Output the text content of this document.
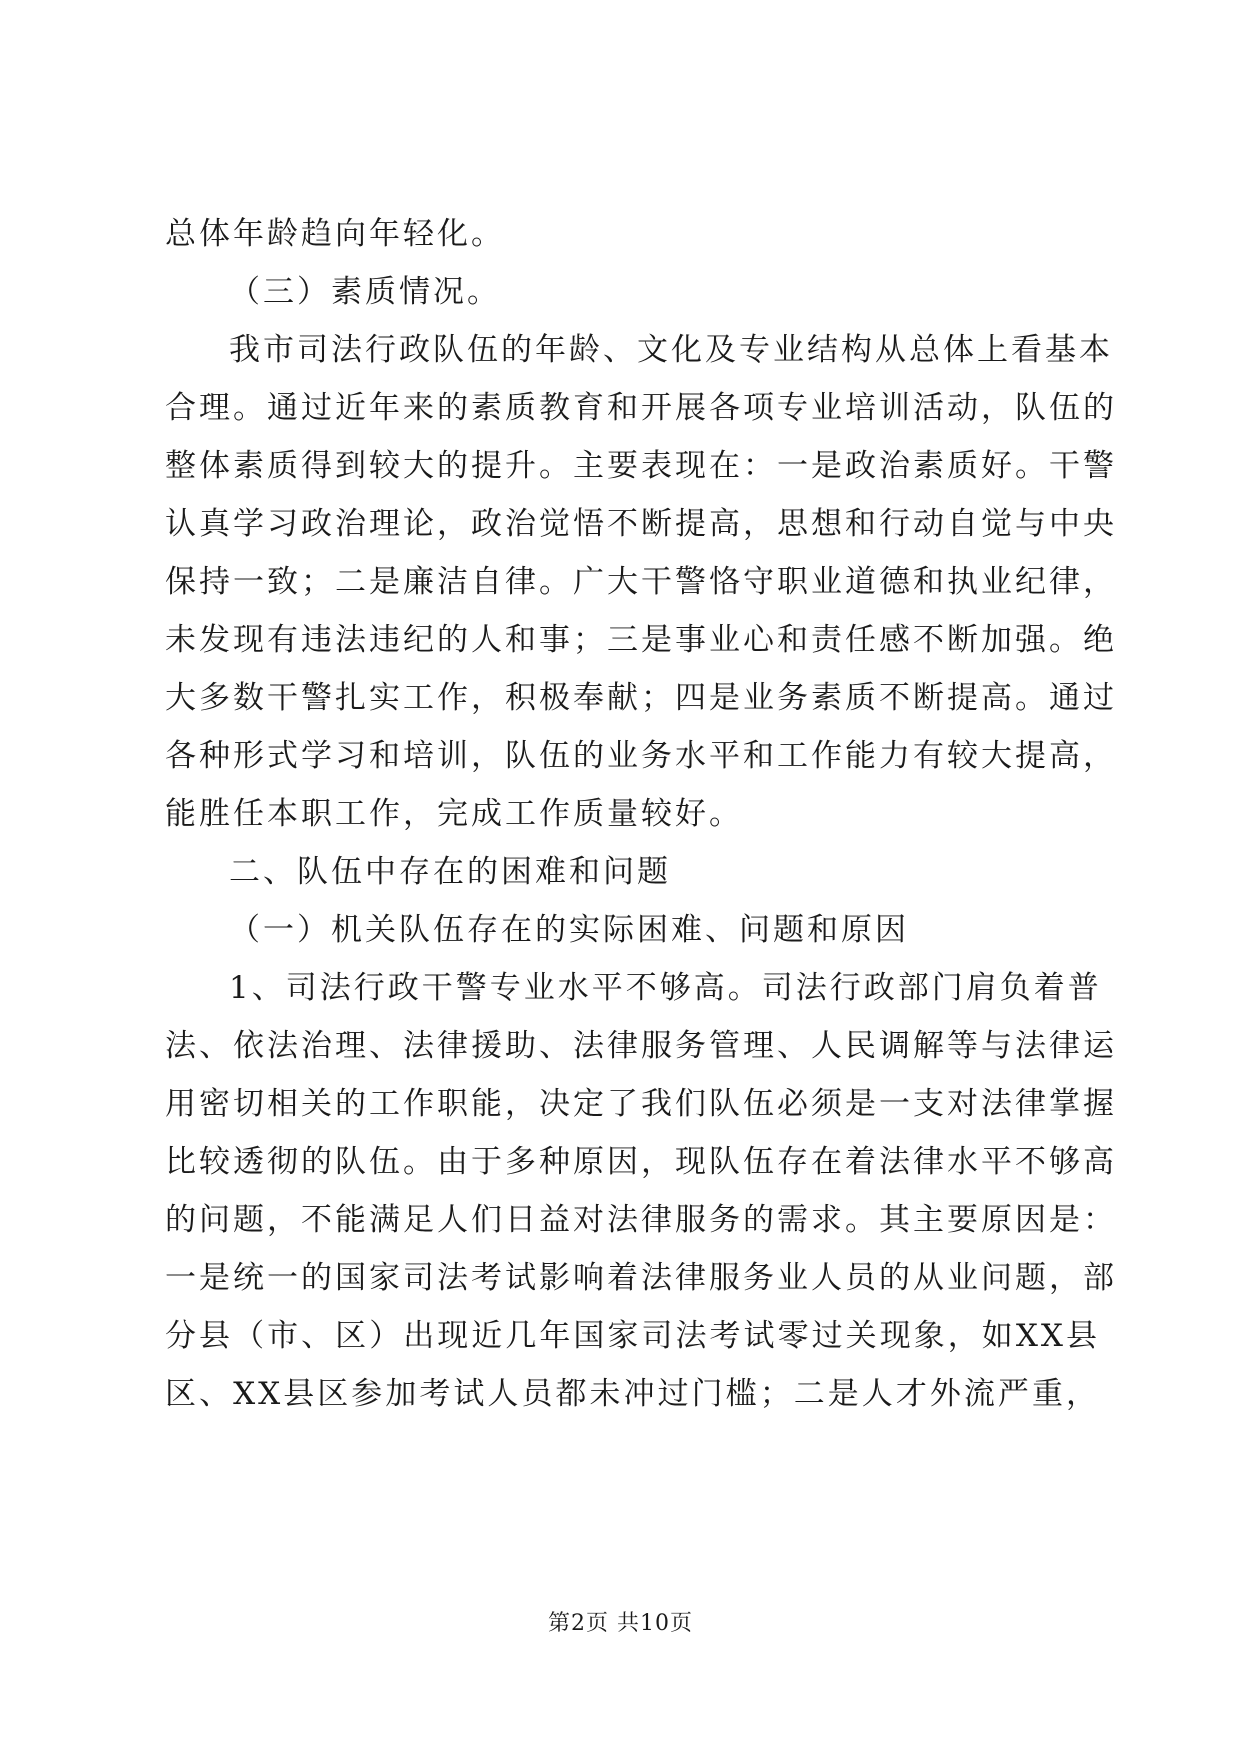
总体年龄趋向年轻化。
（三）素质情况。
我市司法行政队伍的年龄、文化及专业结构从总体上看基本
合理。通过近年来的素质教育和开展各项专业培训活动，队伍的
整体素质得到较大的提升。主要表现在：一是政治素质好。干警
认真学习政治理论，政治觉悟不断提高，思想和行动自觉与中央
保持一致；二是廉洁自律。广大干警恪守职业道德和执业纪律，
未发现有违法违纪的人和事；三是事业心和责任感不断加强。绝
大多数干警扎实工作，积极奉献；四是业务素质不断提高。通过
各种形式学习和培训，队伍的业务水平和工作能力有较大提高，
能胜任本职工作，完成工作质量较好。
二、队伍中存在的困难和问题
（一）机关队伍存在的实际困难、问题和原因
1、司法行政干警专业水平不够高。司法行政部门肩负着普
法、依法治理、法律援助、法律服务管理、人民调解等与法律运
用密切相关的工作职能，决定了我们队伍必须是一支对法律掌握
比较透彻的队伍。由于多种原因，现队伍存在着法律水平不够高
的问题，不能满足人们日益对法律服务的需求。其主要原因是：
一是统一的国家司法考试影响着法律服务业人员的从业问题，部
分县（市、区）出现近几年国家司法考试零过关现象，如XX县
区、XX县区参加考试人员都未冲过门槛；二是人才外流严重，
第2页 共10页
